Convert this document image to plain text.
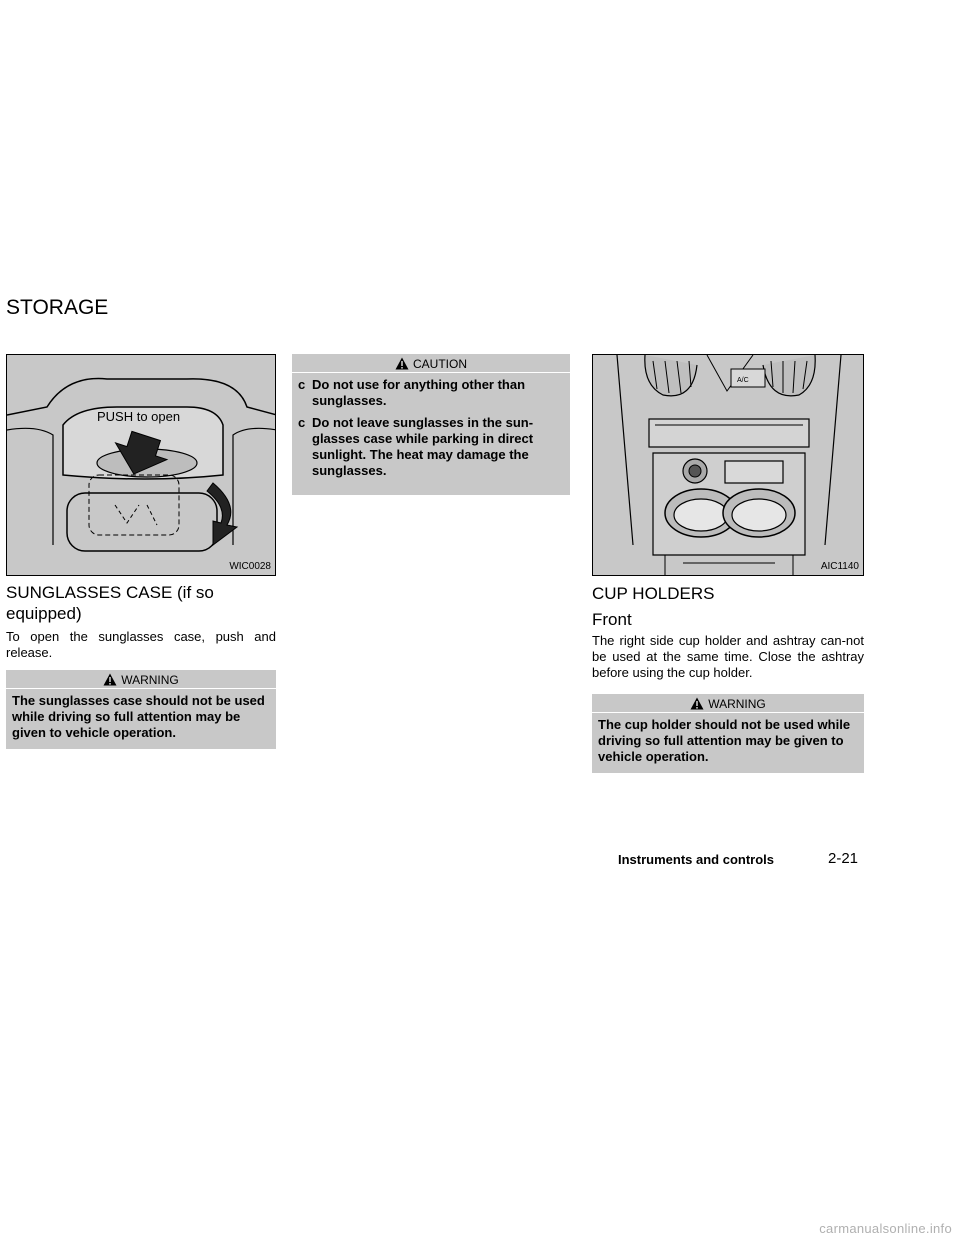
STORAGE
PUSH to open
WIC0028
SUNGLASSES CASE (if so equipped)
To open the sunglasses case, push and release.
WARNING
The sunglasses case should not be used while driving so full attention may be given to vehicle operation.
CAUTION
c Do not use for anything other than sunglasses.
c Do not leave sunglasses in the sun-glasses case while parking in direct sunlight. The heat may damage the sunglasses.
A/C
AIC1140
CUP HOLDERS
Front
The right side cup holder and ashtray can-not be used at the same time. Close the ashtray before using the cup holder.
WARNING
The cup holder should not be used while driving so full attention may be given to vehicle operation.
Instruments and controls	2-21
carmanualsonline.info
